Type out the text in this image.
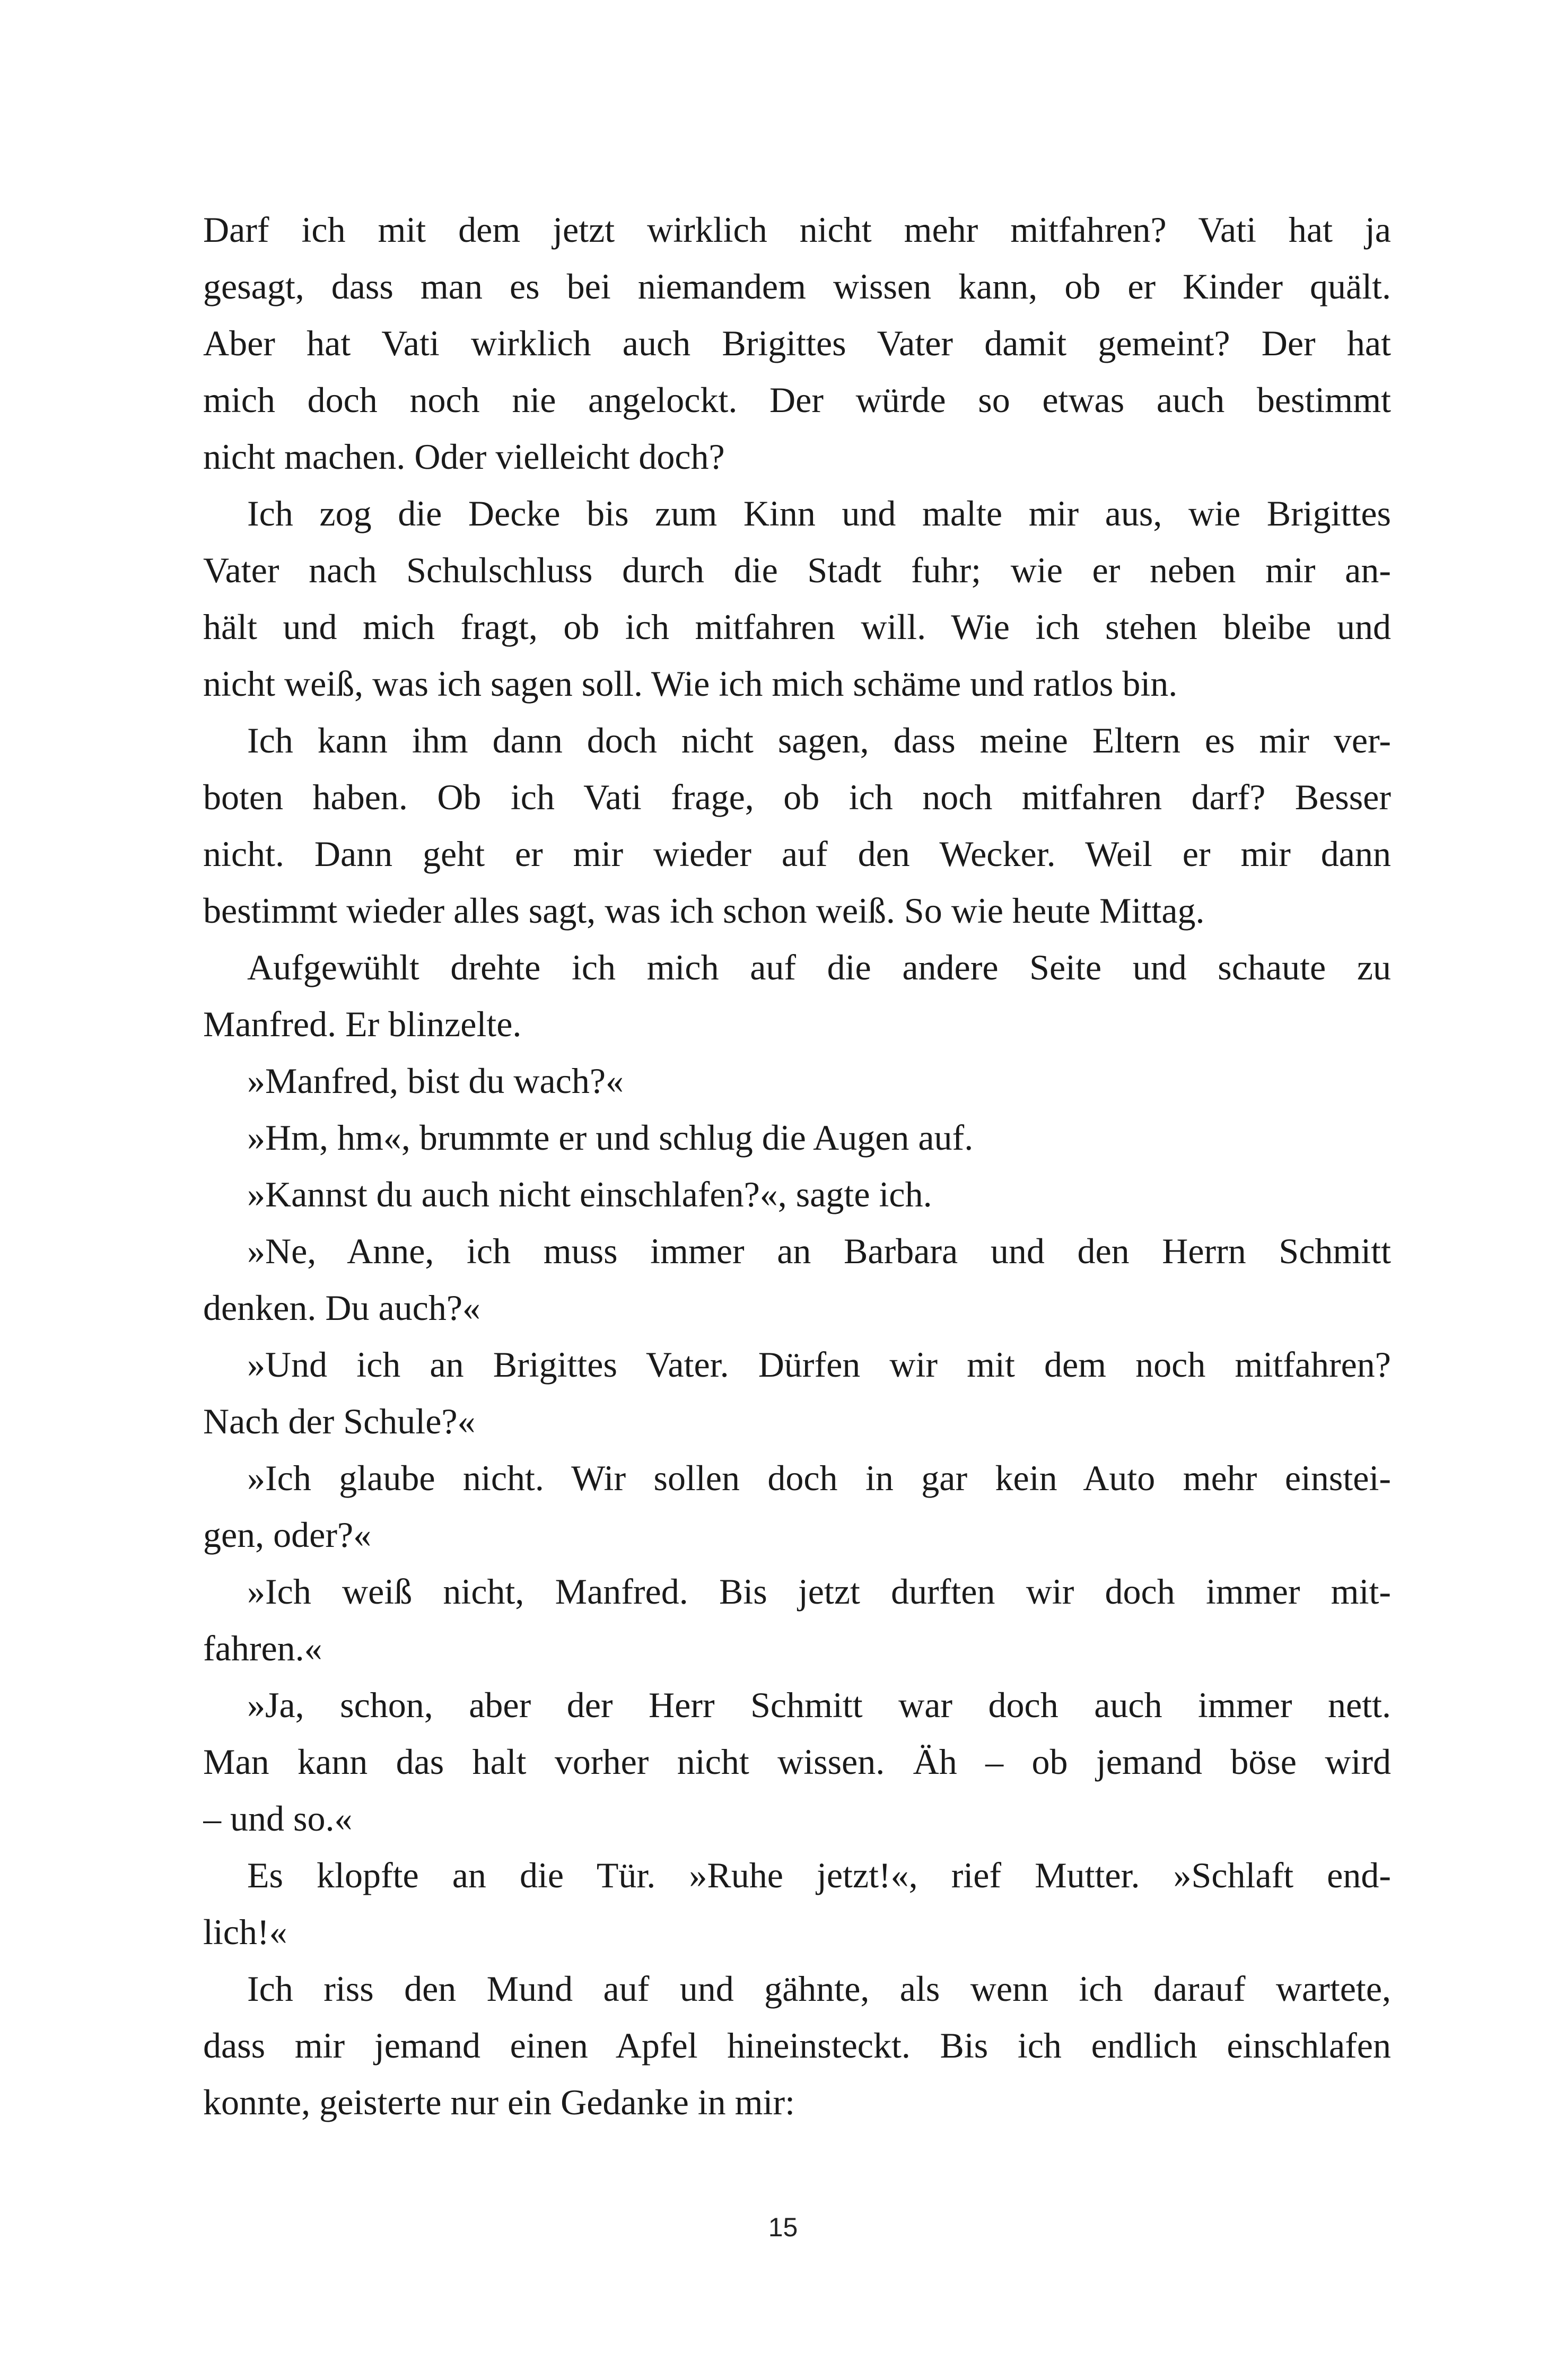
Darf ich mit dem jetzt wirklich nicht mehr mitfahren? Vati hat ja
gesagt, dass man es bei niemandem wissen kann, ob er Kinder quält.
Aber hat Vati wirklich auch Brigittes Vater damit gemeint? Der hat
mich doch noch nie angelockt. Der würde so etwas auch bestimmt
nicht machen. Oder vielleicht doch?
Ich zog die Decke bis zum Kinn und malte mir aus, wie Brigittes
Vater nach Schulschluss durch die Stadt fuhr; wie er neben mir an-
hält und mich fragt, ob ich mitfahren will. Wie ich stehen bleibe und
nicht weiß, was ich sagen soll. Wie ich mich schäme und ratlos bin.
Ich kann ihm dann doch nicht sagen, dass meine Eltern es mir ver-
boten haben. Ob ich Vati frage, ob ich noch mitfahren darf? Besser
nicht. Dann geht er mir wieder auf den Wecker. Weil er mir dann
bestimmt wieder alles sagt, was ich schon weiß. So wie heute Mittag.
Aufgewühlt drehte ich mich auf die andere Seite und schaute zu
Manfred. Er blinzelte.
»Manfred, bist du wach?«
»Hm, hm«, brummte er und schlug die Augen auf.
»Kannst du auch nicht einschlafen?«, sagte ich.
»Ne, Anne, ich muss immer an Barbara und den Herrn Schmitt
denken. Du auch?«
»Und ich an Brigittes Vater. Dürfen wir mit dem noch mitfahren?
Nach der Schule?«
»Ich glaube nicht. Wir sollen doch in gar kein Auto mehr einstei-
gen, oder?«
»Ich weiß nicht, Manfred. Bis jetzt durften wir doch immer mit-
fahren.«
»Ja, schon, aber der Herr Schmitt war doch auch immer nett.
Man kann das halt vorher nicht wissen. Äh – ob jemand böse wird
– und so.«
Es klopfte an die Tür. »Ruhe jetzt!«, rief Mutter. »Schlaft end-
lich!«
Ich riss den Mund auf und gähnte, als wenn ich darauf wartete,
dass mir jemand einen Apfel hineinsteckt. Bis ich endlich einschlafen
konnte, geisterte nur ein Gedanke in mir:
15
